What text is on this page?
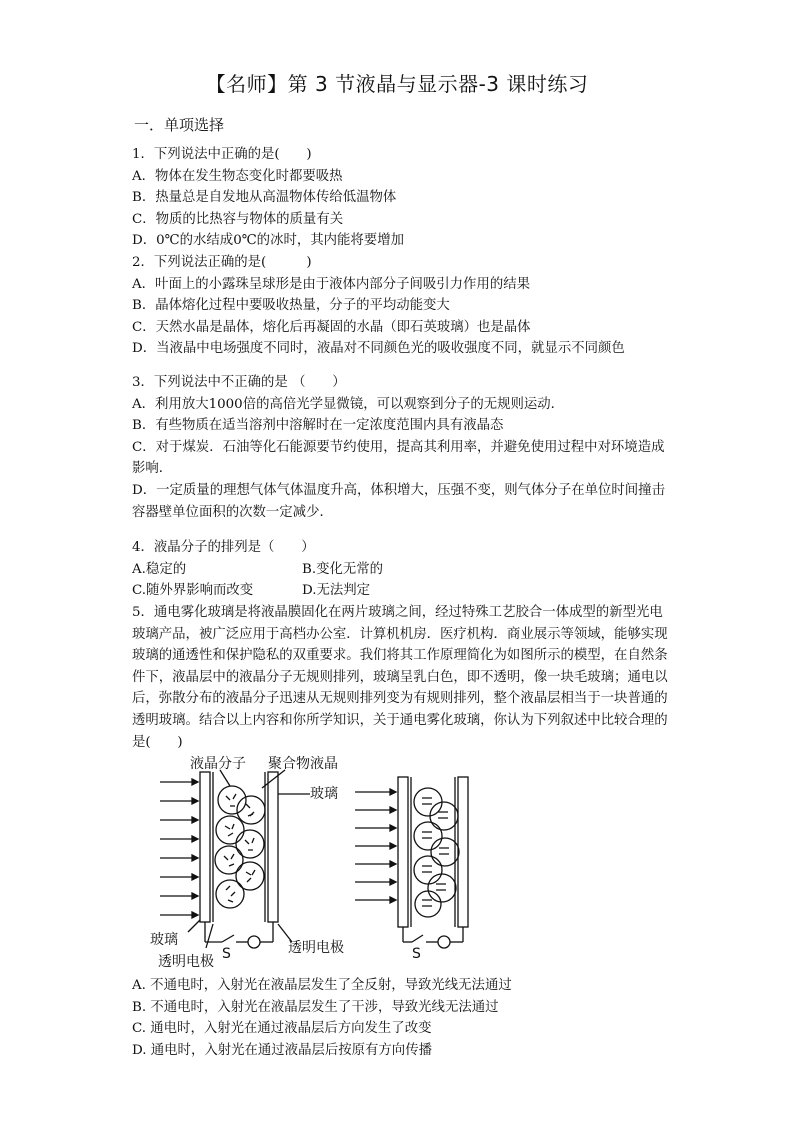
【名师】第 3 节液晶与显示器-3 课时练习
一．单项选择
1．下列说法中正确的是(　　)
A．物体在发生物态变化时都要吸热
B．热量总是自发地从高温物体传给低温物体
C．物质的比热容与物体的质量有关
D．0℃的水结成0℃的冰时，其内能将要增加
2．下列说法正确的是(　　　)
A．叶面上的小露珠呈球形是由于液体内部分子间吸引力作用的结果
B．晶体熔化过程中要吸收热量，分子的平均动能变大
C．天然水晶是晶体，熔化后再凝固的水晶（即石英玻璃）也是晶体
D．当液晶中电场强度不同时，液晶对不同颜色光的吸收强度不同，就显示不同颜色
3．下列说法中不正确的是 （　　）
A．利用放大1000倍的高倍光学显微镜，可以观察到分子的无规则运动．
B．有些物质在适当溶剂中溶解时在一定浓度范围内具有液晶态
C．对于煤炭．石油等化石能源要节约使用，提高其利用率，并避免使用过程中对环境造成影响．
D．一定质量的理想气体气体温度升高，体积增大，压强不变，则气体分子在单位时间撞击容器壁单位面积的次数一定减少．
4．液晶分子的排列是（　　）
A.稳定的	B.变化无常的
C.随外界影响而改变	D.无法判定
5．通电雾化玻璃是将液晶膜固化在两片玻璃之间，经过特殊工艺胶合一体成型的新型光电玻璃产品，被广泛应用于高档办公室．计算机机房．医疗机构．商业展示等领域，能够实现玻璃的通透性和保护隐私的双重要求。我们将其工作原理简化为如图所示的模型，在自然条件下，液晶层中的液晶分子无规则排列，玻璃呈乳白色，即不透明，像一块毛玻璃；通电以后，弥散分布的液晶分子迅速从无规则排列变为有规则排列，整个液晶层相当于一块普通的透明玻璃。结合以上内容和你所学知识，关于通电雾化玻璃，你认为下列叙述中比较合理的是(　　)
液晶分子 聚合物液晶
玻璃
玻璃
透明电极
透明电极
S	S
A. 不通电时，入射光在液晶层发生了全反射，导致光线无法通过
B. 不通电时，入射光在液晶层发生了干涉，导致光线无法通过
C. 通电时，入射光在通过液晶层后方向发生了改变
D. 通电时，入射光在通过液晶层后按原有方向传播
